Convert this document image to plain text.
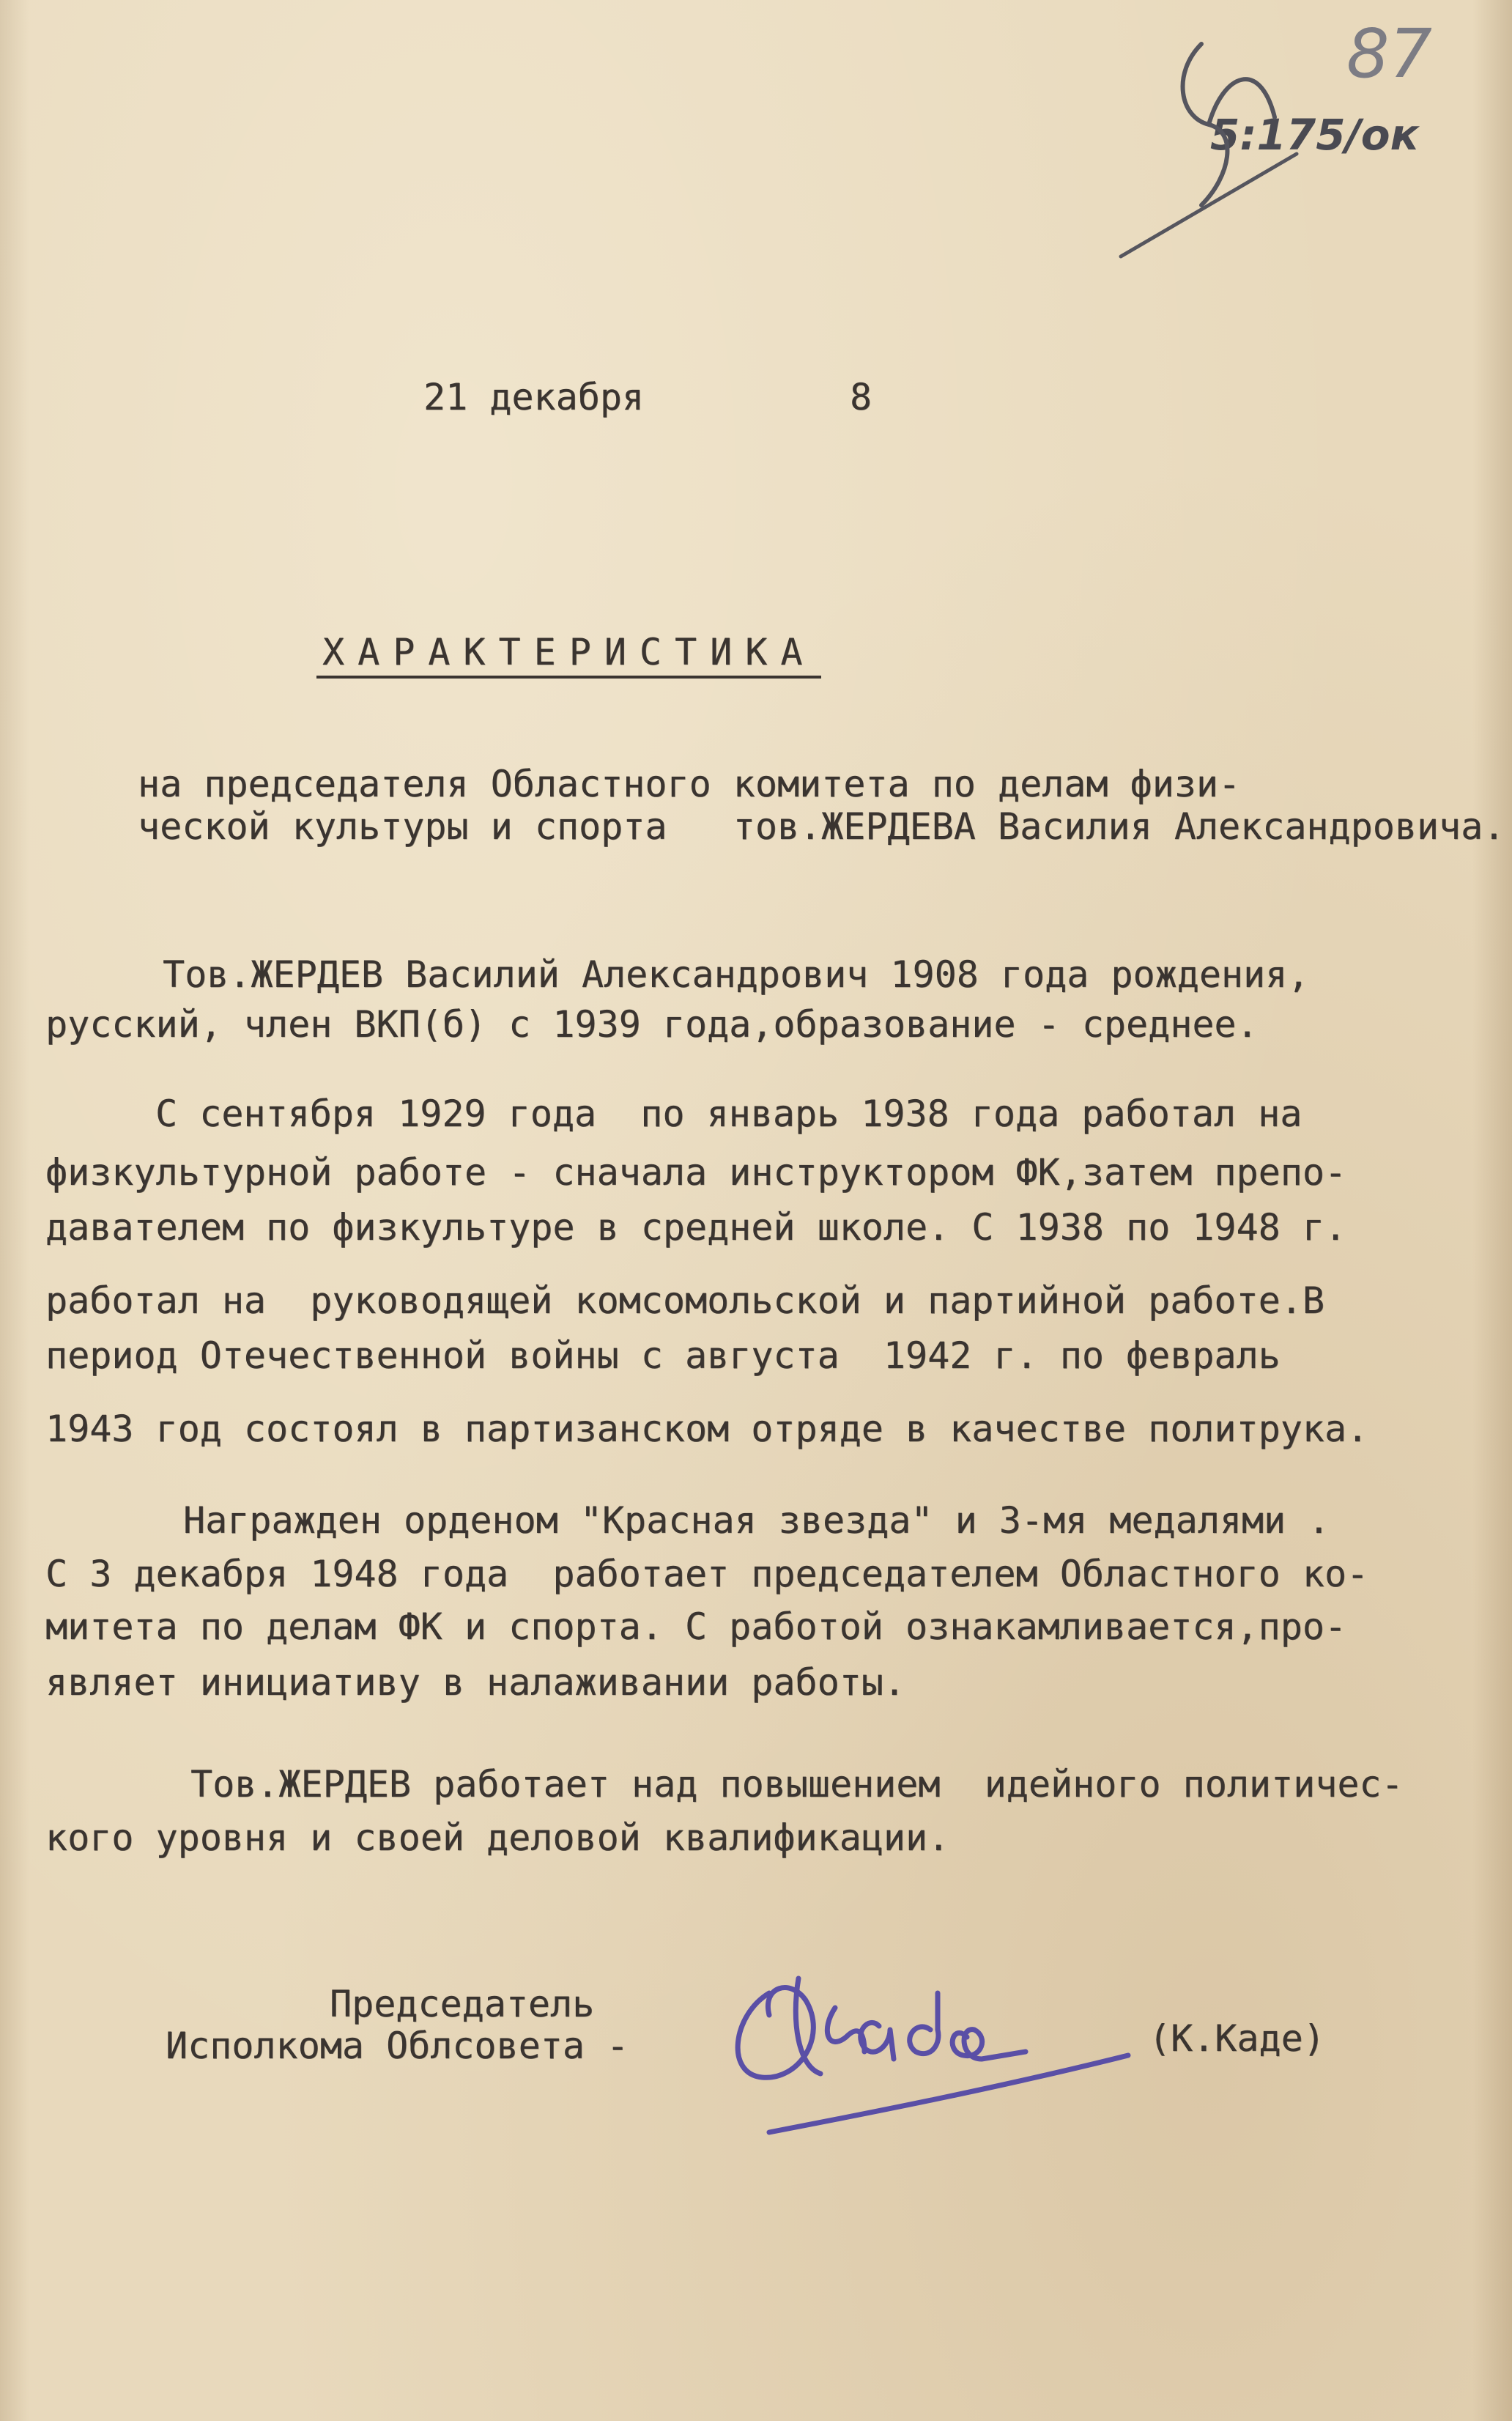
87
5:175/ок
21 декабря	8
ХАРАКТЕРИСТИКА
на председателя Областного комитета по делам физи-
ческой культуры и спорта   тов.ЖЕРДЕВА Василия Александровича.
Тов.ЖЕРДЕВ Василий Александрович 1908 года рождения,
русский, член ВКП(б) с 1939 года,образование - среднее.
С сентября 1929 года  по январь 1938 года работал на
физкультурной работе - сначала инструктором ФК,затем препо-
давателем по физкультуре в средней школе. С 1938 по 1948 г.
работал на  руководящей комсомольской и партийной работе.В
период Отечественной войны с августа  1942 г. по февраль
1943 год состоял в партизанском отряде в качестве политрука.
Награжден орденом "Красная звезда" и 3-мя медалями .
С 3 декабря 1948 года  работает председателем Областного ко-
митета по делам ФК и спорта. С работой ознакамливается,про-
являет инициативу в налаживании работы.
Тов.ЖЕРДЕВ работает над повышением  идейного политичес-
кого уровня и своей деловой квалификации.
Председатель
Исполкома Облсовета -	(К.Каде)
